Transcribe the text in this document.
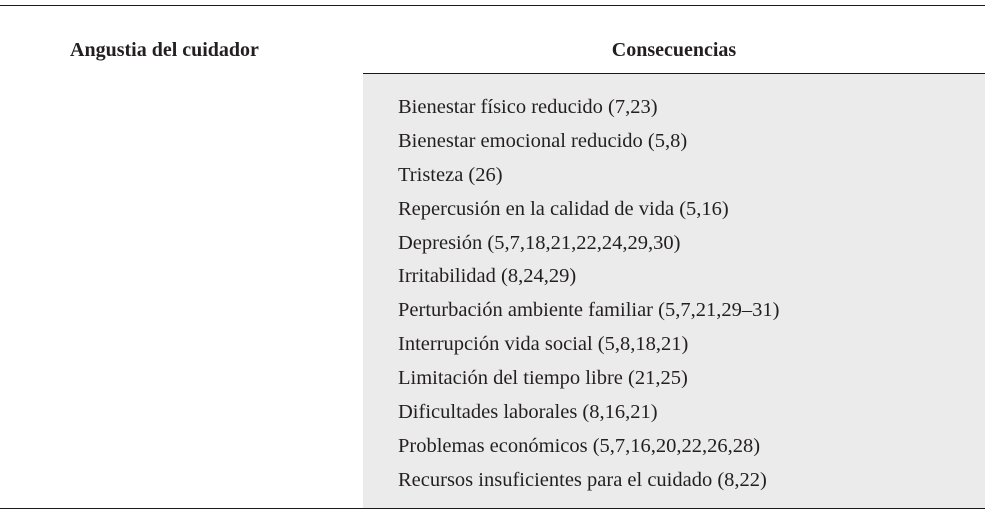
Angustia del cuidador	Consecuencias
Bienestar físico reducido (7,23)
Bienestar emocional reducido (5,8)
Tristeza (26)
Repercusión en la calidad de vida (5,16)
Depresión (5,7,18,21,22,24,29,30)
Irritabilidad (8,24,29)
Perturbación ambiente familiar (5,7,21,29–31)
Interrupción vida social (5,8,18,21)
Limitación del tiempo libre (21,25)
Dificultades laborales (8,16,21)
Problemas económicos (5,7,16,20,22,26,28)
Recursos insuficientes para el cuidado (8,22)
